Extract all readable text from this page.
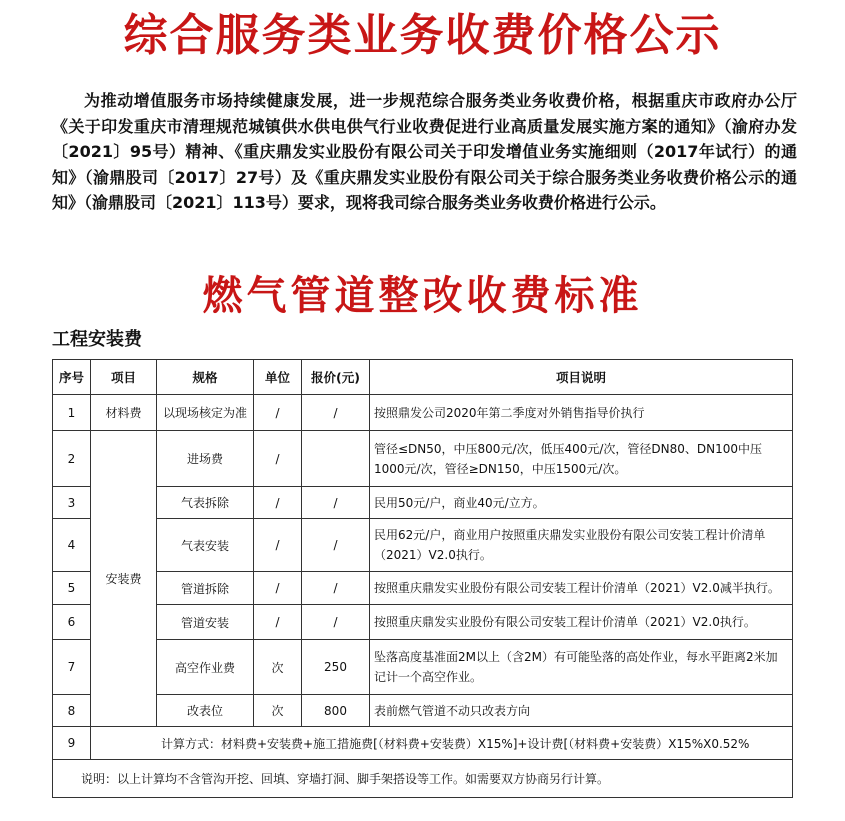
综合服务类业务收费价格公示
为推动增值服务市场持续健康发展，进一步规范综合服务类业务收费价格，根据重庆市政府办公厅《关于印发重庆市清理规范城镇供水供电供气行业收费促进行业高质量发展实施方案的通知》（渝府办发〔2021〕95号）精神、《重庆鼎发实业股份有限公司关于印发增值业务实施细则（2017年试行）的通知》（渝鼎股司〔2017〕27号）及《重庆鼎发实业股份有限公司关于综合服务类业务收费价格公示的通知》（渝鼎股司〔2021〕113号）要求，现将我司综合服务类业务收费价格进行公示。
燃气管道整改收费标准
工程安装费
序号	项目	规格	单位	报价(元)	项目说明
1	材料费	以现场核定为准	/	/	按照鼎发公司2020年第二季度对外销售指导价执行
2	安装费	进场费	/		管径≤DN50，中压800元/次，低压400元/次，管径DN80、DN100中压1000元/次，管径≥DN150，中压1500元/次。
3		气表拆除	/	/	民用50元/户，商业40元/立方。
4		气表安装	/	/	民用62元/户，商业用户按照重庆鼎发实业股份有限公司安装工程计价清单（2021）V2.0执行。
5		管道拆除	/	/	按照重庆鼎发实业股份有限公司安装工程计价清单（2021）V2.0减半执行。
6		管道安装	/	/	按照重庆鼎发实业股份有限公司安装工程计价清单（2021）V2.0执行。
7		高空作业费	次	250	坠落高度基准面2M以上（含2M）有可能坠落的高处作业，每水平距离2米加记计一个高空作业。
8		改表位	次	800	表前燃气管道不动只改表方向
9	计算方式：材料费+安装费+施工措施费[（材料费+安装费）X15%]+设计费[（材料费+安装费）X15%X0.52%				
说明：以上计算均不含管沟开挖、回填、穿墙打洞、脚手架搭设等工作。如需要双方协商另行计算。					
